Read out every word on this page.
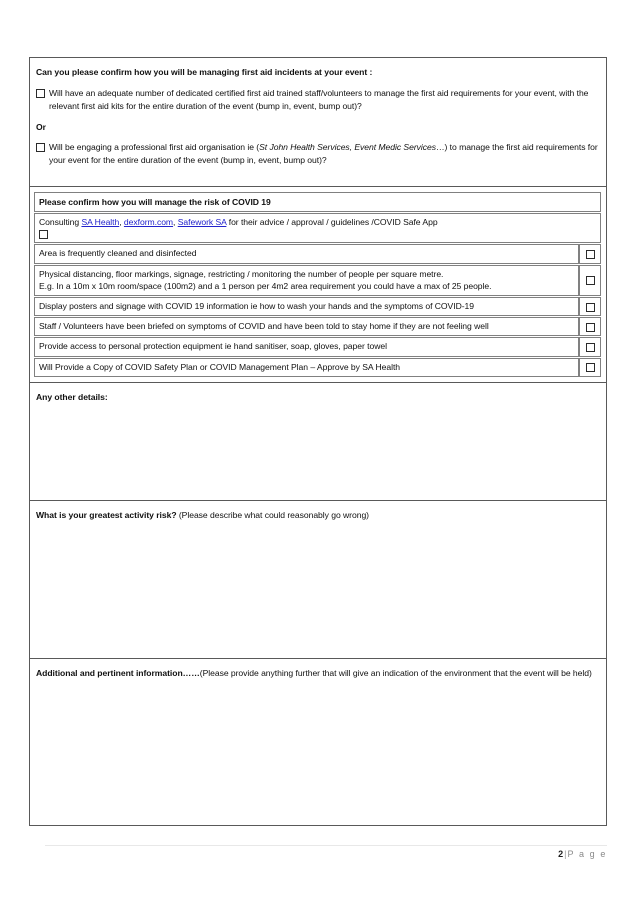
Can you please confirm how you will be managing first aid incidents at your event :
Will have an adequate number of dedicated certified first aid trained staff/volunteers to manage the first aid requirements for your event, with the relevant first aid kits for the entire duration of the event (bump in, event, bump out)?
Or
Will be engaging a professional first aid organisation ie (St John Health Services, Event Medic Services…) to manage the first aid requirements for your event for the entire duration of the event (bump in, event, bump out)?
Please confirm how you will manage the risk of COVID 19	
Consulting SA Health, dexform.com, Safework SA for their advice / approval / guidelines /COVID Safe App	

Area is frequently cleaned and disinfected	

Physical distancing, floor markings, signage, restricting / monitoring the number of people per square metre.
E.g. In a 10m x 10m room/space (100m2) and a 1 person per 4m2 area requirement you could have a max of 25 people.	

Display posters and signage with COVID 19 information ie how to wash your hands and the symptoms of COVID-19	
Staff / Volunteers have been briefed on symptoms of COVID and have been told to stay home if they are not feeling well	
Provide access to personal protection equipment ie hand sanitiser, soap, gloves, paper towel	
Will Provide a Copy of COVID Safety Plan or COVID Management Plan – Approve by SA Health	
Any other details:
What is your greatest activity risk? (Please describe what could reasonably go wrong)
Additional and pertinent information……(Please provide anything further that will give an indication of the environment that the event will be held)
2|P a g e
